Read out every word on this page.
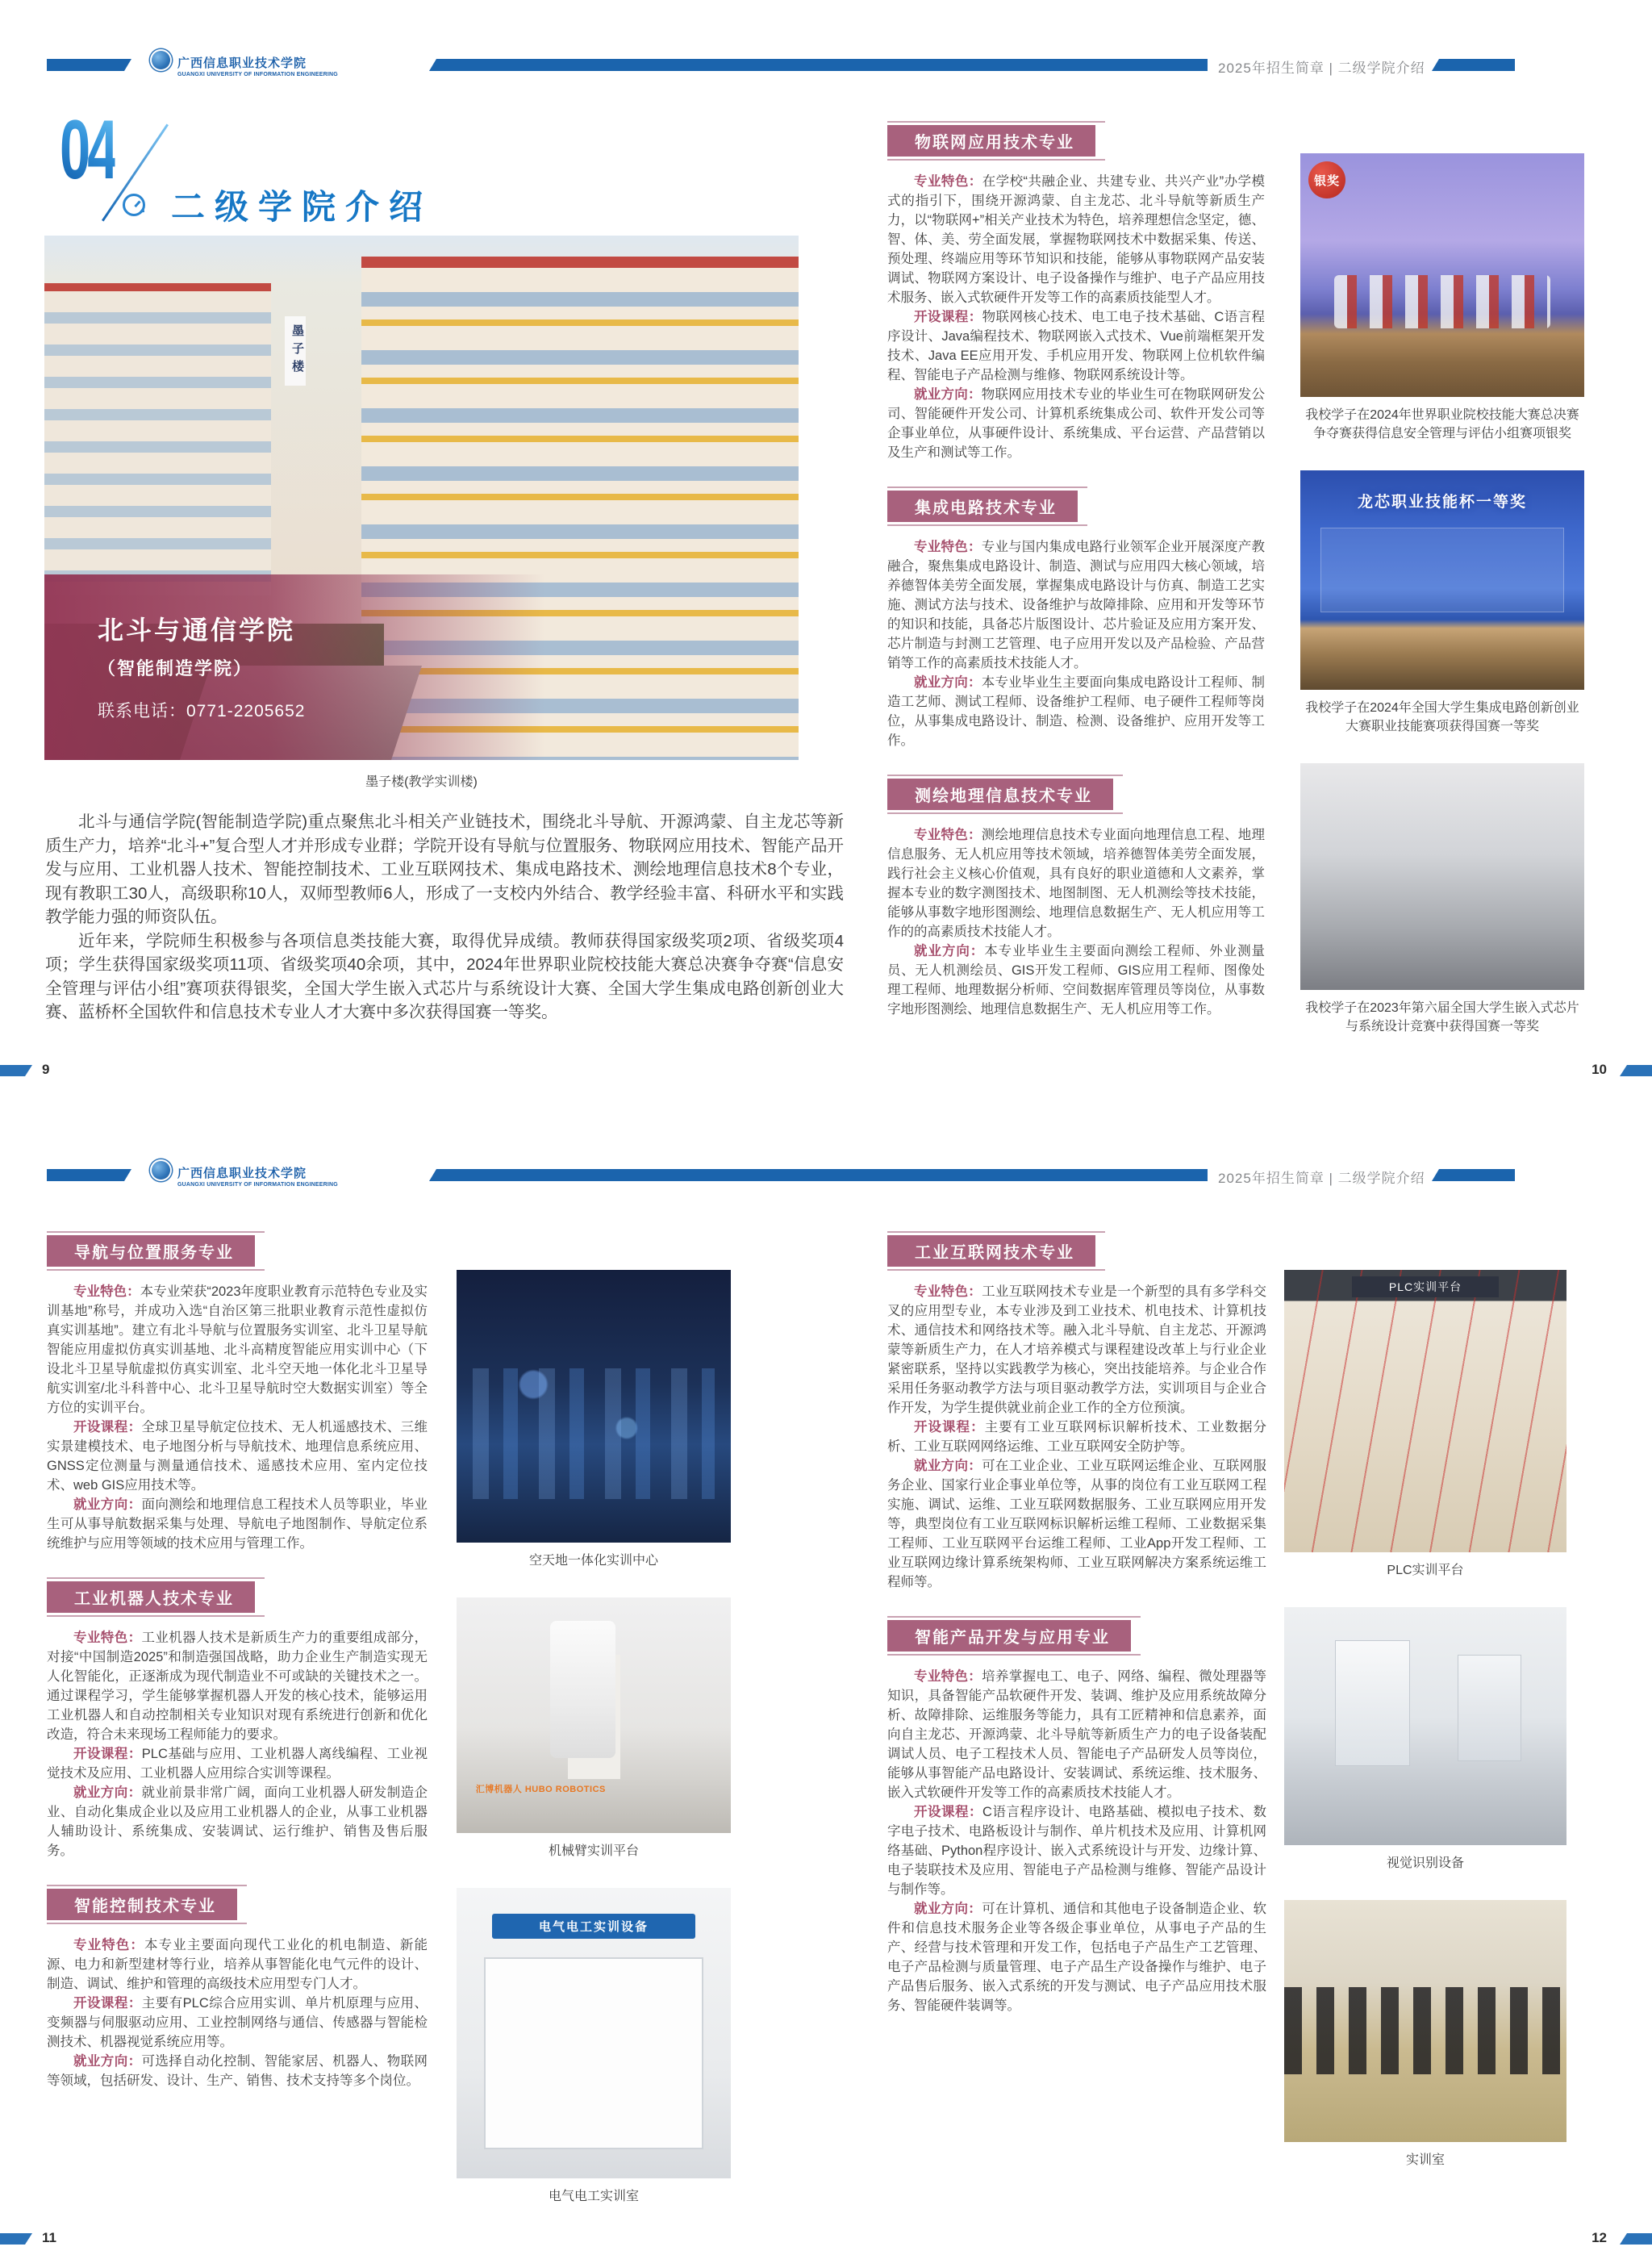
广西信息职业技术学院
GUANGXI UNIVERSITY OF INFORMATION ENGINEERING	2025年招生简章 | 二级学院介绍
04
二级学院介绍
墨子楼
北斗与通信学院
（智能制造学院）
联系电话：0771-2205652
墨子楼(教学实训楼)

北斗与通信学院(智能制造学院)重点聚焦北斗相关产业链技术，围绕北斗导航、开源鸿蒙、自主龙芯等新质生产力，培养“北斗+”复合型人才并形成专业群；学院开设有导航与位置服务、物联网应用技术、智能产品开发与应用、工业机器人技术、智能控制技术、工业互联网技术、集成电路技术、测绘地理信息技术8个专业，现有教职工30人，高级职称10人，双师型教师6人，形成了一支校内外结合、教学经验丰富、科研水平和实践教学能力强的师资队伍。

近年来，学院师生积极参与各项信息类技能大赛，取得优异成绩。教师获得国家级奖项2项、省级奖项4项；学生获得国家级奖项11项、省级奖项40余项，其中，2024年世界职业院校技能大赛总决赛争夺赛“信息安全管理与评估小组”赛项获得银奖，全国大学生嵌入式芯片与系统设计大赛、全国大学生集成电路创新创业大赛、蓝桥杯全国软件和信息技术专业人才大赛中多次获得国赛一等奖。

物联网应用技术专业

专业特色：在学校“共融企业、共建专业、共兴产业”办学模式的指引下，围绕开源鸿蒙、自主龙芯、北斗导航等新质生产力，以“物联网+”相关产业技术为特色，培养理想信念坚定，德、智、体、美、劳全面发展，掌握物联网技术中数据采集、传送、预处理、终端应用等环节知识和技能，能够从事物联网产品安装调试、物联网方案设计、电子设备操作与维护、电子产品应用技术服务、嵌入式软硬件开发等工作的高素质技能型人才。

开设课程：物联网核心技术、电工电子技术基础、C语言程序设计、Java编程技术、物联网嵌入式技术、Vue前端框架开发技术、Java EE应用开发、手机应用开发、物联网上位机软件编程、智能电子产品检测与维修、物联网系统设计等。

就业方向：物联网应用技术专业的毕业生可在物联网研发公司、智能硬件开发公司、计算机系统集成公司、软件开发公司等企事业单位，从事硬件设计、系统集成、平台运营、产品营销以及生产和测试等工作。

集成电路技术专业

专业特色：专业与国内集成电路行业领军企业开展深度产教融合，聚焦集成电路设计、制造、测试与应用四大核心领域，培养德智体美劳全面发展，掌握集成电路设计与仿真、制造工艺实施、测试方法与技术、设备维护与故障排除、应用和开发等环节的知识和技能，具备芯片版图设计、芯片验证及应用方案开发、芯片制造与封测工艺管理、电子应用开发以及产品检验、产品营销等工作的高素质技术技能人才。

就业方向：本专业毕业生主要面向集成电路设计工程师、制造工艺师、测试工程师、设备维护工程师、电子硬件工程师等岗位，从事集成电路设计、制造、检测、设备维护、应用开发等工作。

测绘地理信息技术专业

专业特色：测绘地理信息技术专业面向地理信息工程、地理信息服务、无人机应用等技术领域，培养德智体美劳全面发展，践行社会主义核心价值观，具有良好的职业道德和人文素养，掌握本专业的数字测图技术、地图制图、无人机测绘等技术技能，能够从事数字地形图测绘、地理信息数据生产、无人机应用等工作的的高素质技术技能人才。

就业方向：本专业毕业生主要面向测绘工程师、外业测量员、无人机测绘员、GIS开发工程师、GIS应用工程师、图像处理工程师、地理数据分析师、空间数据库管理员等岗位，从事数字地形图测绘、地理信息数据生产、无人机应用等工作。

银奖
我校学子在2024年世界职业院校技能大赛总决赛争夺赛获得信息安全管理与评估小组赛项银奖
龙芯职业技能杯一等奖
我校学子在2024年全国大学生集成电路创新创业大赛职业技能赛项获得国赛一等奖
我校学子在2023年第六届全国大学生嵌入式芯片与系统设计竞赛中获得国赛一等奖
9	10
广西信息职业技术学院
GUANGXI UNIVERSITY OF INFORMATION ENGINEERING	2025年招生简章 | 二级学院介绍
导航与位置服务专业

专业特色：本专业荣获“2023年度职业教育示范特色专业及实训基地”称号，并成功入选“自治区第三批职业教育示范性虚拟仿真实训基地”。建立有北斗导航与位置服务实训室、北斗卫星导航智能应用虚拟仿真实训基地、北斗高精度智能应用实训中心（下设北斗卫星导航虚拟仿真实训室、北斗空天地一体化北斗卫星导航实训室/北斗科普中心、北斗卫星导航时空大数据实训室）等全方位的实训平台。

开设课程：全球卫星导航定位技术、无人机遥感技术、三维实景建模技术、电子地图分析与导航技术、地理信息系统应用、GNSS定位测量与测量通信技术、遥感技术应用、室内定位技术、web GIS应用技术等。

就业方向：面向测绘和地理信息工程技术人员等职业，毕业生可从事导航数据采集与处理、导航电子地图制作、导航定位系统维护与应用等领域的技术应用与管理工作。

工业机器人技术专业

专业特色：工业机器人技术是新质生产力的重要组成部分，对接“中国制造2025”和制造强国战略，助力企业生产制造实现无人化智能化，正逐渐成为现代制造业不可或缺的关键技术之一。通过课程学习，学生能够掌握机器人开发的核心技术，能够运用工业机器人和自动控制相关专业知识对现有系统进行创新和优化改造，符合未来现场工程师能力的要求。

开设课程：PLC基础与应用、工业机器人离线编程、工业视觉技术及应用、工业机器人应用综合实训等课程。

就业方向：就业前景非常广阔，面向工业机器人研发制造企业、自动化集成企业以及应用工业机器人的企业，从事工业机器人辅助设计、系统集成、安装调试、运行维护、销售及售后服务。

智能控制技术专业

专业特色：本专业主要面向现代工业化的机电制造、新能源、电力和新型建材等行业，培养从事智能化电气元件的设计、制造、调试、维护和管理的高级技术应用型专门人才。

开设课程：主要有PLC综合应用实训、单片机原理与应用、变频器与伺服驱动应用、工业控制网络与通信、传感器与智能检测技术、机器视觉系统应用等。

就业方向：可选择自动化控制、智能家居、机器人、物联网等领域，包括研发、设计、生产、销售、技术支持等多个岗位。

空天地一体化实训中心
汇博机器人 HUBO ROBOTICS
机械臂实训平台
电气电工实训设备
电气电工实训室
工业互联网技术专业

专业特色：工业互联网技术专业是一个新型的具有多学科交叉的应用型专业，本专业涉及到工业技术、机电技术、计算机技术、通信技术和网络技术等。融入北斗导航、自主龙芯、开源鸿蒙等新质生产力，在人才培养模式与课程建设改革上与行业企业紧密联系，坚持以实践教学为核心，突出技能培养。与企业合作采用任务驱动教学方法与项目驱动教学方法，实训项目与企业合作开发，为学生提供就业前企业工作的全方位预演。

开设课程：主要有工业互联网标识解析技术、工业数据分析、工业互联网网络运维、工业互联网安全防护等。

就业方向：可在工业企业、工业互联网运维企业、互联网服务企业、国家行业企事业单位等，从事的岗位有工业互联网工程实施、调试、运维、工业互联网数据服务、工业互联网应用开发等，典型岗位有工业互联网标识解析运维工程师、工业数据采集工程师、工业互联网平台运维工程师、工业App开发工程师、工业互联网边缘计算系统架构师、工业互联网解决方案系统运维工程师等。

智能产品开发与应用专业

专业特色：培养掌握电工、电子、网络、编程、微处理器等知识，具备智能产品软硬件开发、装调、维护及应用系统故障分析、故障排除、运维服务等能力，具有工匠精神和信息素养，面向自主龙芯、开源鸿蒙、北斗导航等新质生产力的电子设备装配调试人员、电子工程技术人员、智能电子产品研发人员等岗位，能够从事智能产品电路设计、安装调试、系统运维、技术服务、嵌入式软硬件开发等工作的高素质技术技能人才。

开设课程：C语言程序设计、电路基础、模拟电子技术、数字电子技术、电路板设计与制作、单片机技术及应用、计算机网络基础、Python程序设计、嵌入式系统设计与开发、边缘计算、电子装联技术及应用、智能电子产品检测与维修、智能产品设计与制作等。

就业方向：可在计算机、通信和其他电子设备制造企业、软件和信息技术服务企业等各级企事业单位，从事电子产品的生产、经营与技术管理和开发工作，包括电子产品生产工艺管理、电子产品检测与质量管理、电子产品生产设备操作与维护、电子产品售后服务、嵌入式系统的开发与测试、电子产品应用技术服务、智能硬件装调等。

PLC实训平台
PLC实训平台
视觉识别设备
实训室
11	12
